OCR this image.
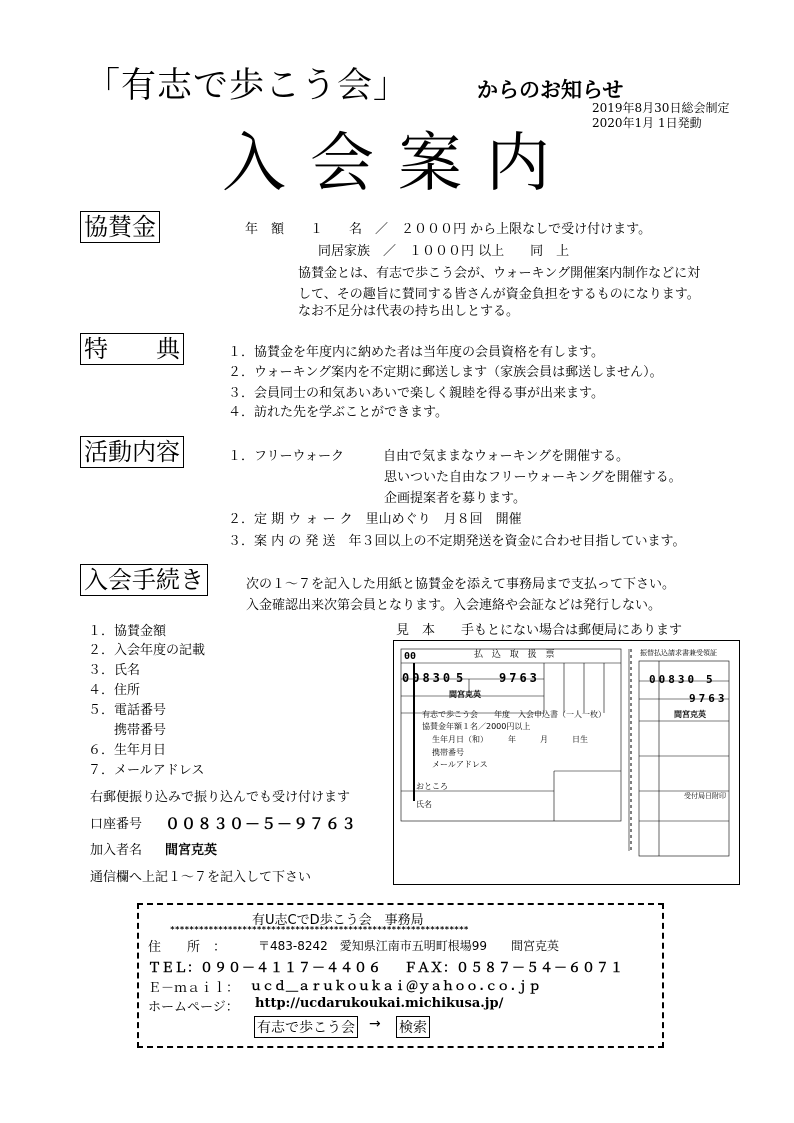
「有志で歩こう会」	からのお知らせ
2019年8月30日総会制定
2020年1月 1日発動
入会案内
協賛金	年　額　　１　　名　／　２０００円 から上限なしで受け付けます。
同居家族　／　１０００円 以上　　同　上
協賛金とは、有志で歩こう会が、ウォーキング開催案内制作などに対
して、その趣旨に賛同する皆さんが資金負担をするものになります。
なお不足分は代表の持ち出しとする。
特　　典	１．協賛金を年度内に納めた者は当年度の会員資格を有します。
２．ウォーキング案内を不定期に郵送します（家族会員は郵送しません）。
３．会員同士の和気あいあいで楽しく親睦を得る事が出来ます。
４．訪れた先を学ぶことができます。
活動内容	１．フリーウォーク　　　自由で気ままなウォーキングを開催する。
　　　　　　　　　　　　思いついた自由なフリーウォーキングを開催する。
　　　　　　　　　　　　企画提案者を募ります。
２．定 期 ウ ォ ー ク　里山めぐり　月８回　開催
３．案 内 の 発 送　年３回以上の不定期発送を資金に合わせ目指しています。
入会手続き	次の１～７を記入した用紙と協賛金を添えて事務局まで支払って下さい。
入金確認出来次第会員となります。入会連絡や会証などは発行しない。
１．協賛金額
２．入会年度の記載
３．氏名
４．住所
５．電話番号
　　携帯番号
６．生年月日
７．メールアドレス
右郵便振り込みで振り込んでも受け付けます
口座番号 ００８３０－５－９７６３
加入者名 間宮克英
通信欄へ上記１～７を記入して下さい
見　本　　手もとにない場合は郵便局にあります
払 込 取 扱 票
00
00830 5	9763
間宮克英
有志で歩こう会　　年度　入会申込書（一人一枚）
協賛金年額１名／2000円以上
生年月日（和）　　　年　　　月　　　日生
携帯番号
メールアドレス
おところ
氏名
振替払込請求書兼受領証
00830 5
9763
間宮克英
受付局日附印
有U志CでD歩こう会　事務局
**************************************************************
住　　所　：	〒483-8242　愛知県江南市五明町根場99　　間宮克英
ＴＥＬ： ０９０－４１１７－４４０６ ＦＡＸ： ０５８７－５４－６０７１
Ｅ－ｍａｉｌ： ｕｃｄ＿ａｒｕｋｏｕｋａｉ＠ｙａｈｏｏ.ｃｏ.ｊｐ
ホームページ： http://ucdarukoukai.michikusa.jp/
有志で歩こう会 → 検索
